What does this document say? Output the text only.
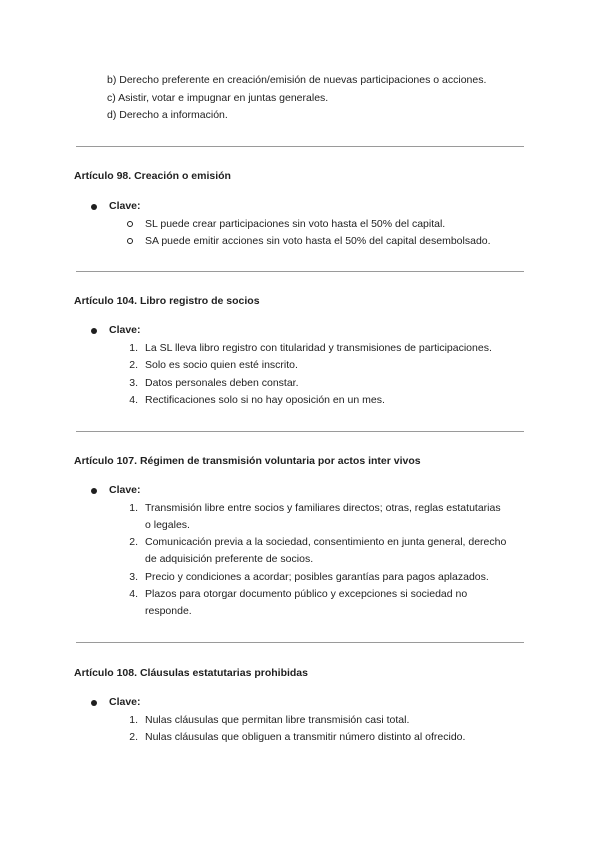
b) Derecho preferente en creación/emisión de nuevas participaciones o acciones.
c) Asistir, votar e impugnar en juntas generales.
d) Derecho a información.
Artículo 98. Creación o emisión
Clave:
SL puede crear participaciones sin voto hasta el 50% del capital.
SA puede emitir acciones sin voto hasta el 50% del capital desembolsado.
Artículo 104. Libro registro de socios
Clave:
1. La SL lleva libro registro con titularidad y transmisiones de participaciones.
2. Solo es socio quien esté inscrito.
3. Datos personales deben constar.
4. Rectificaciones solo si no hay oposición en un mes.
Artículo 107. Régimen de transmisión voluntaria por actos inter vivos
Clave:
1. Transmisión libre entre socios y familiares directos; otras, reglas estatutarias
o legales.
2. Comunicación previa a la sociedad, consentimiento en junta general, derecho
de adquisición preferente de socios.
3. Precio y condiciones a acordar; posibles garantías para pagos aplazados.
4. Plazos para otorgar documento público y excepciones si sociedad no
responde.
Artículo 108. Cláusulas estatutarias prohibidas
Clave:
1. Nulas cláusulas que permitan libre transmisión casi total.
2. Nulas cláusulas que obliguen a transmitir número distinto al ofrecido.
